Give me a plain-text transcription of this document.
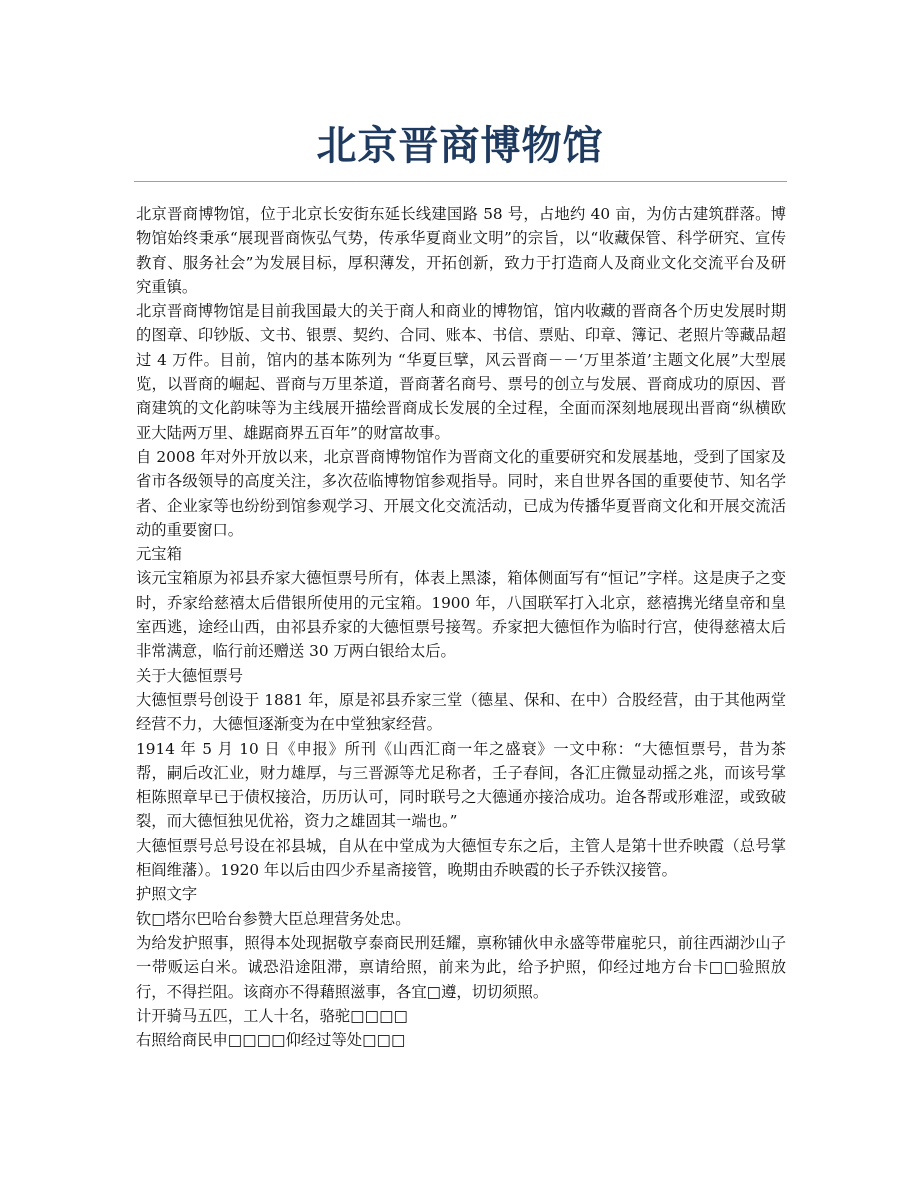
北京晋商博物馆

北京晋商博物馆，位于北京长安街东延长线建国路 58 号，占地约 40 亩，为仿古建筑群落。博物馆始终秉承“展现晋商恢弘气势，传承华夏商业文明”的宗旨，以“收藏保管、科学研究、宣传教育、服务社会”为发展目标，厚积薄发，开拓创新，致力于打造商人及商业文化交流平台及研究重镇。

北京晋商博物馆是目前我国最大的关于商人和商业的博物馆，馆内收藏的晋商各个历史发展时期的图章、印钞版、文书、银票、契约、合同、账本、书信、票贴、印章、簿记、老照片等藏品超过 4 万件。目前，馆内的基本陈列为 “华夏巨擘，风云晋商－－‘万里茶道’主题文化展”大型展览，以晋商的崛起、晋商与万里茶道，晋商著名商号、票号的创立与发展、晋商成功的原因、晋商建筑的文化韵味等为主线展开描绘晋商成长发展的全过程，全面而深刻地展现出晋商“纵横欧亚大陆两万里、雄踞商界五百年”的财富故事。

自 2008 年对外开放以来，北京晋商博物馆作为晋商文化的重要研究和发展基地，受到了国家及省市各级领导的高度关注，多次莅临博物馆参观指导。同时，来自世界各国的重要使节、知名学者、企业家等也纷纷到馆参观学习、开展文化交流活动，已成为传播华夏晋商文化和开展交流活动的重要窗口。

元宝箱

该元宝箱原为祁县乔家大德恒票号所有，体表上黑漆，箱体侧面写有“恒记”字样。这是庚子之变时，乔家给慈禧太后借银所使用的元宝箱。1900 年，八国联军打入北京，慈禧携光绪皇帝和皇室西逃，途经山西，由祁县乔家的大德恒票号接驾。乔家把大德恒作为临时行宫，使得慈禧太后非常满意，临行前还赠送 30 万两白银给太后。

关于大德恒票号

大德恒票号创设于 1881 年，原是祁县乔家三堂（德星、保和、在中）合股经营，由于其他两堂经营不力，大德恒逐渐变为在中堂独家经营。

1914 年 5 月 10 日《申报》所刊《山西汇商一年之盛衰》一文中称：“大德恒票号，昔为茶帮，嗣后改汇业，财力雄厚，与三晋源等尤足称者，壬子春间，各汇庄微显动摇之兆，而该号掌柜陈照章早已于债权接洽，历历认可，同时联号之大德通亦接洽成功。迨各帮或形难涩，或致破裂，而大德恒独见优裕，资力之雄固其一端也。”

大德恒票号总号设在祁县城，自从在中堂成为大德恒专东之后，主管人是第十世乔映霞（总号掌柜阎维藩）。1920 年以后由四少乔星斋接管，晚期由乔映霞的长子乔铁汉接管。

护照文字

钦□塔尔巴哈台参赞大臣总理营务处忠。

为给发护照事，照得本处现据敬亨泰商民刑廷耀，禀称铺伙申永盛等带雇驼只，前往西湖沙山子一带贩运白米。诚恐沿途阻滞，禀请给照，前来为此，给予护照，仰经过地方台卡□□验照放行，不得拦阻。该商亦不得藉照滋事，各宜□遵，切切须照。

计开骑马五匹，工人十名，骆驼□□□□

右照给商民申□□□□仰经过等处□□□
